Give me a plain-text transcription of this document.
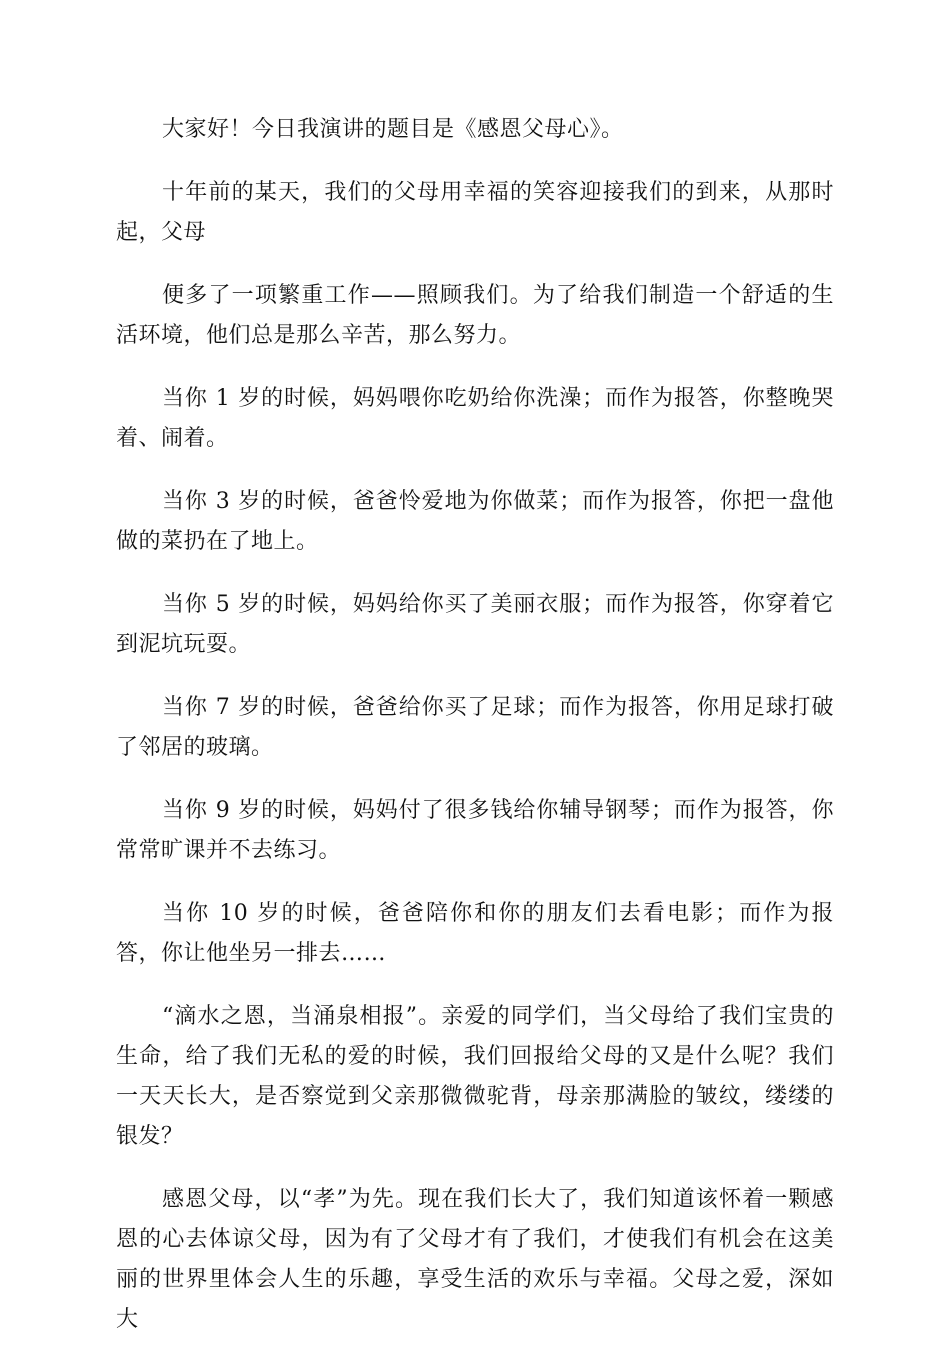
大家好！今日我演讲的题目是《感恩父母心》。

十年前的某天，我们的父母用幸福的笑容迎接我们的到来，从那时起，父母

便多了一项繁重工作——照顾我们。为了给我们制造一个舒适的生活环境，他们总是那么辛苦，那么努力。

当你 1 岁的时候，妈妈喂你吃奶给你洗澡；而作为报答，你整晚哭着、闹着。

当你 3 岁的时候，爸爸怜爱地为你做菜；而作为报答，你把一盘他做的菜扔在了地上。

当你 5 岁的时候，妈妈给你买了美丽衣服；而作为报答，你穿着它到泥坑玩耍。

当你 7 岁的时候，爸爸给你买了足球；而作为报答，你用足球打破了邻居的玻璃。

当你 9 岁的时候，妈妈付了很多钱给你辅导钢琴；而作为报答，你常常旷课并不去练习。

当你 10 岁的时候，爸爸陪你和你的朋友们去看电影；而作为报答，你让他坐另一排去……

“滴水之恩，当涌泉相报”。亲爱的同学们，当父母给了我们宝贵的生命，给了我们无私的爱的时候，我们回报给父母的又是什么呢？我们一天天长大，是否察觉到父亲那微微驼背，母亲那满脸的皱纹，缕缕的银发？

感恩父母，以“孝”为先。现在我们长大了，我们知道该怀着一颗感恩的心去体谅父母，因为有了父母才有了我们，才使我们有机会在这美丽的世界里体会人生的乐趣，享受生活的欢乐与幸福。父母之爱，深如大
